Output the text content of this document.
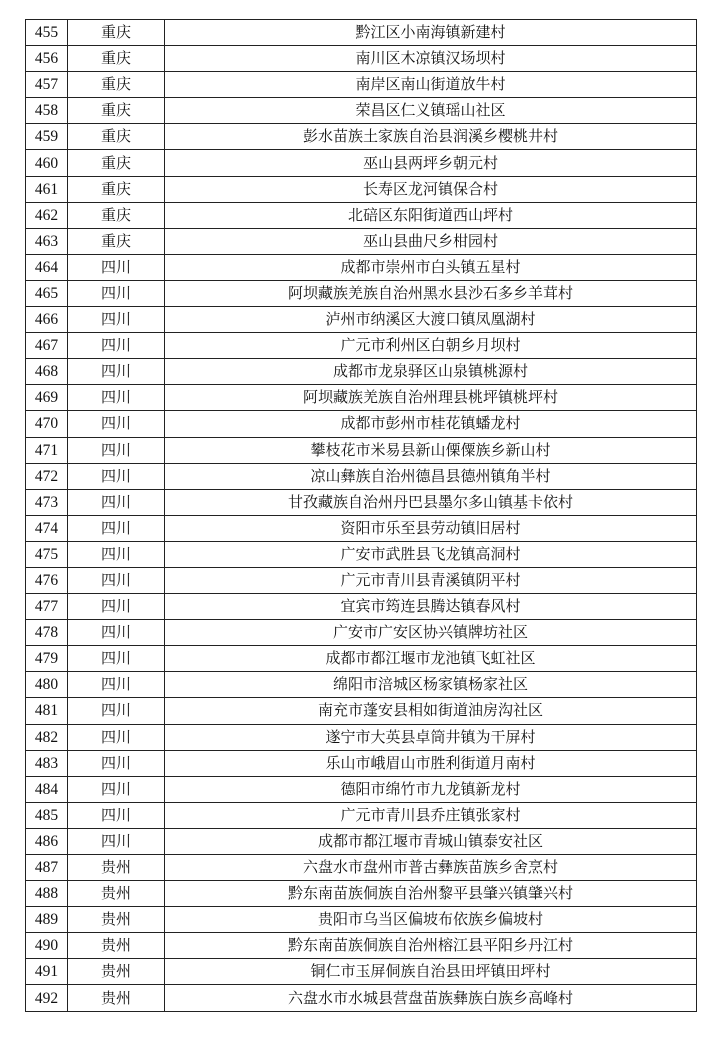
455	重庆	黔江区小南海镇新建村
456	重庆	南川区木凉镇汉场坝村
457	重庆	南岸区南山街道放牛村
458	重庆	荣昌区仁义镇瑶山社区
459	重庆	彭水苗族土家族自治县润溪乡樱桃井村
460	重庆	巫山县两坪乡朝元村
461	重庆	长寿区龙河镇保合村
462	重庆	北碚区东阳街道西山坪村
463	重庆	巫山县曲尺乡柑园村
464	四川	成都市崇州市白头镇五星村
465	四川	阿坝藏族羌族自治州黑水县沙石多乡羊茸村
466	四川	泸州市纳溪区大渡口镇凤凰湖村
467	四川	广元市利州区白朝乡月坝村
468	四川	成都市龙泉驿区山泉镇桃源村
469	四川	阿坝藏族羌族自治州理县桃坪镇桃坪村
470	四川	成都市彭州市桂花镇蟠龙村
471	四川	攀枝花市米易县新山傈僳族乡新山村
472	四川	凉山彝族自治州德昌县德州镇角半村
473	四川	甘孜藏族自治州丹巴县墨尔多山镇基卡依村
474	四川	资阳市乐至县劳动镇旧居村
475	四川	广安市武胜县飞龙镇高洞村
476	四川	广元市青川县青溪镇阴平村
477	四川	宜宾市筠连县腾达镇春风村
478	四川	广安市广安区协兴镇牌坊社区
479	四川	成都市都江堰市龙池镇飞虹社区
480	四川	绵阳市涪城区杨家镇杨家社区
481	四川	南充市蓬安县相如街道油房沟社区
482	四川	遂宁市大英县卓筒井镇为干屏村
483	四川	乐山市峨眉山市胜利街道月南村
484	四川	德阳市绵竹市九龙镇新龙村
485	四川	广元市青川县乔庄镇张家村
486	四川	成都市都江堰市青城山镇泰安社区
487	贵州	六盘水市盘州市普古彝族苗族乡舍烹村
488	贵州	黔东南苗族侗族自治州黎平县肇兴镇肇兴村
489	贵州	贵阳市乌当区偏坡布依族乡偏坡村
490	贵州	黔东南苗族侗族自治州榕江县平阳乡丹江村
491	贵州	铜仁市玉屏侗族自治县田坪镇田坪村
492	贵州	六盘水市水城县营盘苗族彝族白族乡高峰村
